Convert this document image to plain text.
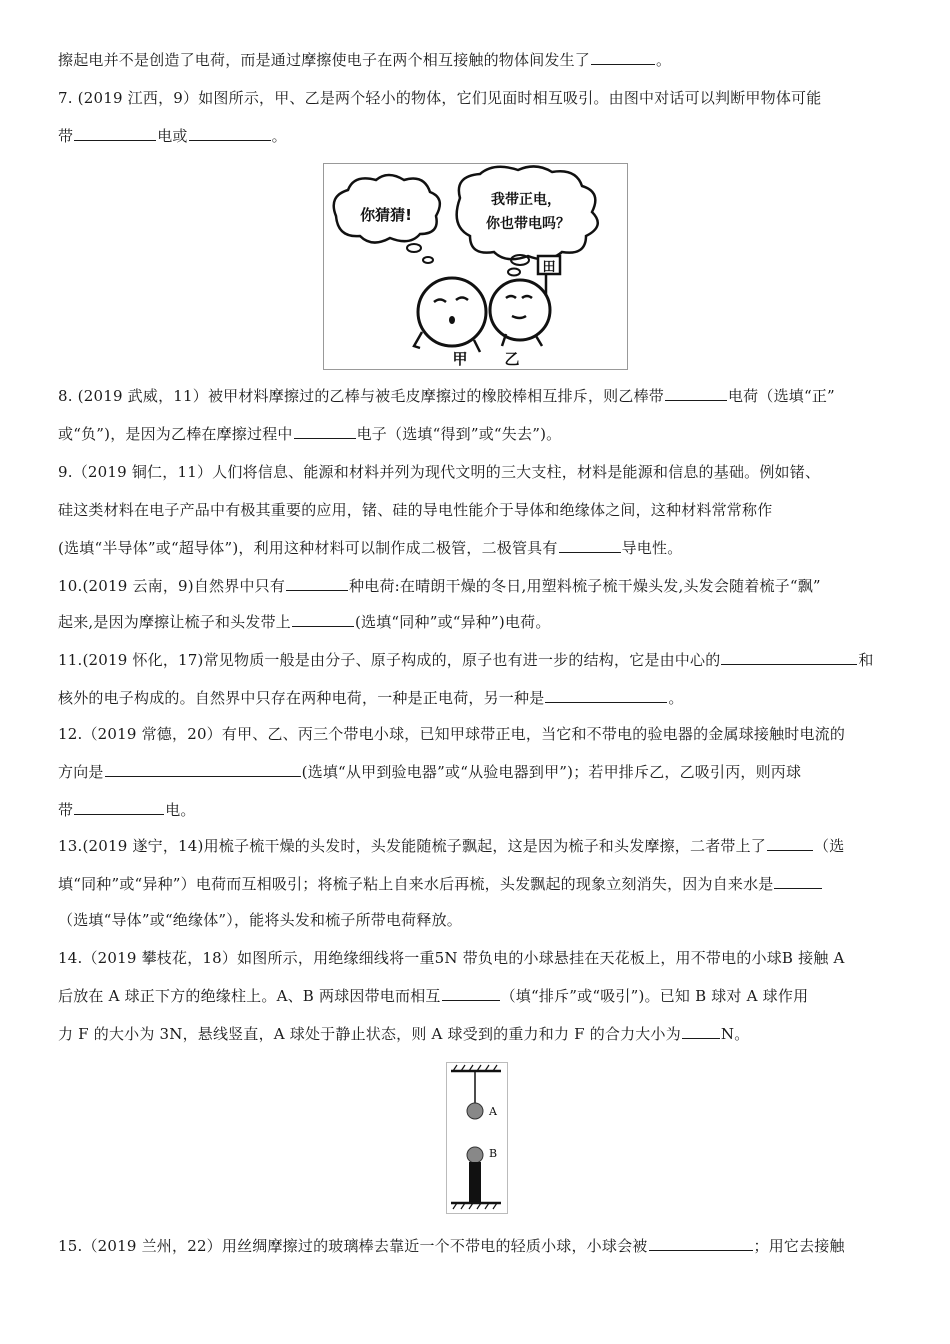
擦起电并不是创造了电荷，而是通过摩擦使电子在两个相互接触的物体间发生了	。
7. (2019 江西，9）如图所示，甲、乙是两个轻小的物体，它们见面时相互吸引。由图中对话可以判断甲物体可能
带	电或	。
你猜猜!
我带正电，
你也带电吗？
田
甲 乙
8. (2019 武威，11）被甲材料摩擦过的乙棒与被毛皮摩擦过的橡胶棒相互排斥，则乙棒带	电荷（选填“正”
或“负”)，是因为乙棒在摩擦过程中	电子（选填“得到”或“失去”)。
9.（2019 铜仁，11）人们将信息、能源和材料并列为现代文明的三大支柱，材料是能源和信息的基础。例如锗、
硅这类材料在电子产品中有极其重要的应用，锗、硅的导电性能介于导体和绝缘体之间，这种材料常常称作
(选填“半导体”或“超导体”)，利用这种材料可以制作成二极管，二极管具有	导电性。
10.(2019 云南，9)自然界中只有	种电荷:在晴朗干燥的冬日,用塑料梳子梳干燥头发,头发会随着梳子“飘”
起来,是因为摩擦让梳子和头发带上	(选填“同种”或“异种”)电荷。
11.(2019 怀化，17)常见物质一般是由分子、原子构成的，原子也有进一步的结构，它是由中心的	和
核外的电子构成的。自然界中只存在两种电荷，一种是正电荷，另一种是	。
12.（2019 常德，20）有甲、乙、丙三个带电小球，已知甲球带正电，当它和不带电的验电器的金属球接触时电流的
方向是	(选填“从甲到验电器”或“从验电器到甲”)；若甲排斥乙，乙吸引丙，则丙球
带	电。
13.(2019 遂宁，14)用梳子梳干燥的头发时，头发能随梳子飘起，这是因为梳子和头发摩擦，二者带上了	（选
填“同种”或“异种”）电荷而互相吸引；将梳子粘上自来水后再梳，头发飘起的现象立刻消失，因为自来水是
（选填“导体”或“绝缘体”），能将头发和梳子所带电荷释放。
14.（2019 攀枝花，18）如图所示，用绝缘细线将一重5N 带负电的小球悬挂在天花板上，用不带电的小球B 接触 A
后放在 A 球正下方的绝缘柱上。A、B 两球因带电而相互	（填“排斥”或“吸引”)。已知 B 球对 A 球作用
力 F 的大小为 3N，悬线竖直，A 球处于静止状态，则 A 球受到的重力和力 F 的合力大小为	N。
A
B
15.（2019 兰州，22）用丝绸摩擦过的玻璃棒去靠近一个不带电的轻质小球，小球会被	；用它去接触
